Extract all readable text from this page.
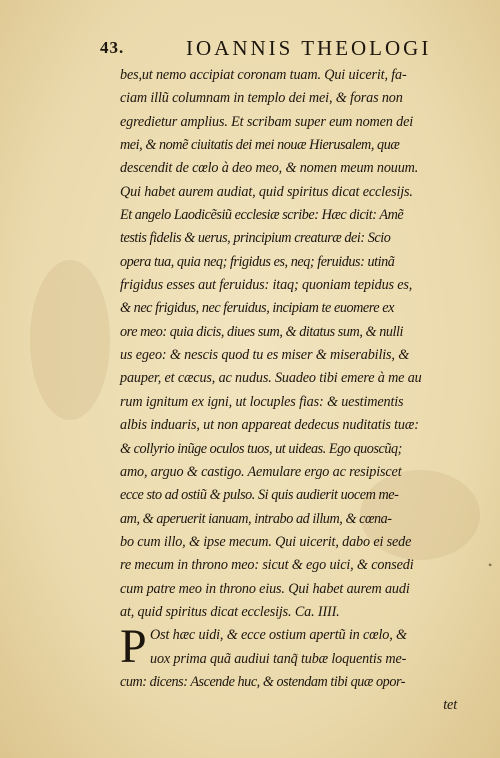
43.	IOANNIS THEOLOGI
bes,ut nemo accipiat coronam tuam. Qui uicerit, fa-
ciam illũ columnam in templo dei mei, & foras non
egredietur amplius. Et scribam super eum nomen dei
mei, & nomẽ ciuitatis dei mei nouæ Hierusalem, quæ
descendit de cœlo à deo meo, & nomen meum nouum.
Qui habet aurem audiat, quid spiritus dicat ecclesijs.
Et angelo Laodicẽsiũ ecclesiæ scribe: Hæc dicit: Amẽ
testis fidelis & uerus, principium creaturæ dei: Scio
opera tua, quia neq; frigidus es, neq; feruidus: utinã
frigidus esses aut feruidus: itaq; quoniam tepidus es,
& nec frigidus, nec feruidus, incipiam te euomere ex
ore meo: quia dicis, diues sum, & ditatus sum, & nulli
us egeo: & nescis quod tu es miser & miserabilis, &
pauper, et cæcus, ac nudus. Suadeo tibi emere à me au
rum ignitum ex igni, ut locuples fias: & uestimentis
albis induaris, ut non appareat dedecus nuditatis tuæ:
& collyrio inũge oculos tuos, ut uideas. Ego quoscũq;
amo, arguo & castigo. Aemulare ergo ac resipiscet
ecce sto ad ostiũ & pulso. Si quis audierit uocem me-
am, & aperuerit ianuam, intrabo ad illum, & cœna-
bo cum illo, & ipse mecum. Qui uicerit, dabo ei sede
re mecum in throno meo: sicut & ego uici, & consedi
cum patre meo in throno eius. Qui habet aurem audi
at, quid spiritus dicat ecclesijs. Ca. IIII.
P Ost hæc uidi, & ecce ostium apertũ in cœlo, &
uox prima quã audiui tanq̃ tubæ loquentis me-
cum: dicens: Ascende huc, & ostendam tibi quæ opor-
tet
•
